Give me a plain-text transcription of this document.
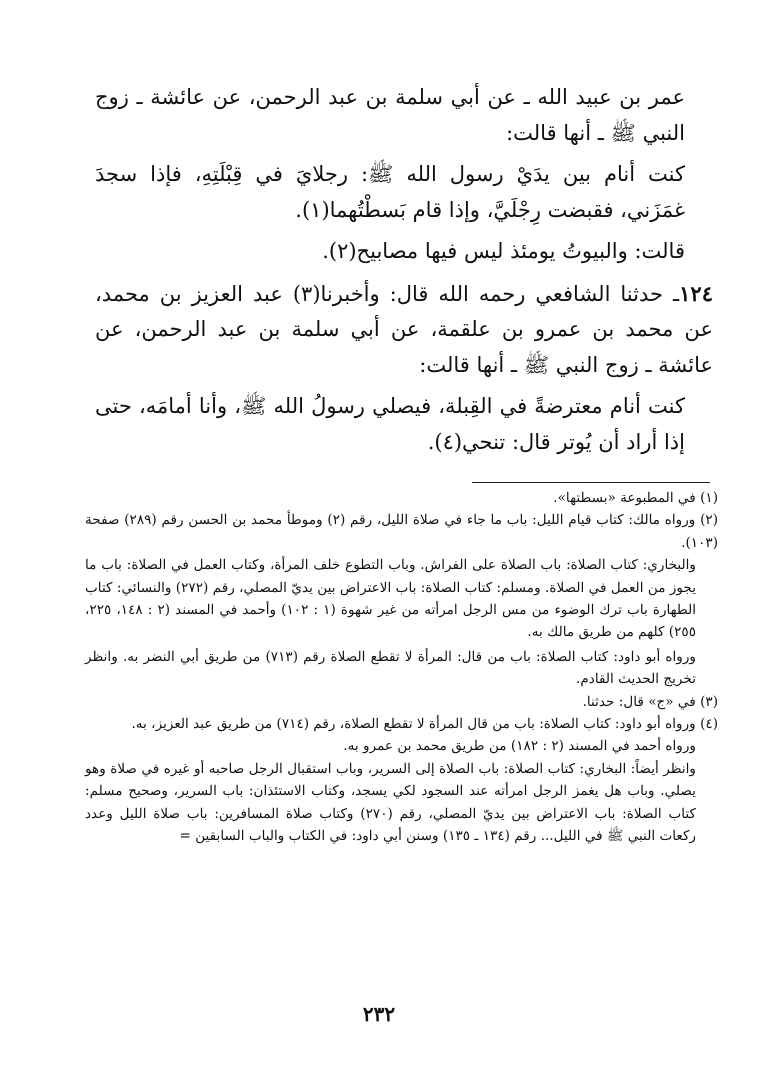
عمر بن عبيد الله ـ عن أبي سلمة بن عبد الرحمن، عن عائشة ـ زوج النبي ﷺ ـ أنها قالت:

كنت أنام بين يدَيْ رسول الله ﷺ: رجلايَ في قِبْلَتِهِ، فإذا سجدَ غمَزَني، فقبضت رِجْلَيَّ، وإذا قام بَسطْتُهما(١).

قالت: والبيوتُ يومئذ ليس فيها مصابيح(٢).

١٢٤ـ حدثنا الشافعي رحمه الله قال: وأخبرنا(٣) عبد العزيز بن محمد، عن محمد بن عمرو بن علقمة، عن أبي سلمة بن عبد الرحمن، عن عائشة ـ زوج النبي ﷺ ـ أنها قالت:

كنت أنام معترضةً في القِبلة، فيصلي رسولُ الله ﷺ، وأنا أمامَه، حتى إذا أراد أن يُوتر قال: تنحي(٤).

(١) في المطبوعة «بسطتها».

(٢) ورواه مالك: كتاب قيام الليل: باب ما جاء في صلاة الليل، رقم (٢) وموطأ محمد بن الحسن رقم (٢٨٩) صفحة (١٠٣).

والبخاري: كتاب الصلاة: باب الصلاة على الفراش. وباب التطوع خلف المرأة، وكتاب العمل في الصلاة: باب ما يجوز من العمل في الصلاة. ومسلم: كتاب الصلاة: باب الاعتراض بين يديّ المصلي، رقم (٢٧٢) والنسائي: كتاب الطهارة باب ترك الوضوء من مس الرجل امرأته من غير شهوة (١ : ١٠٢) وأحمد في المسند (٢ : ١٤٨، ٢٢٥، ٢٥٥) كلهم من طريق مالك به.

ورواه أبو داود: كتاب الصلاة: باب من قال: المرأة لا تقطع الصلاة رقم (٧١٣) من طريق أبي النضر به. وانظر تخريج الحديث القادم.

(٣) في «ج» قال: حدثنا.

(٤) ورواه أبو داود: كتاب الصلاة: باب من قال المرأة لا تقطع الصلاة، رقم (٧١٤) من طريق عبد العزيز، به.

ورواه أحمد في المسند (٢ : ١٨٢) من طريق محمد بن عمرو به.

وانظر أيضاً: البخاري: كتاب الصلاة: باب الصلاة إلى السرير، وباب استقبال الرجل صاحبه أو غيره في صلاة وهو يصلي. وباب هل يغمز الرجل امرأته عند السجود لكي يسجد، وكتاب الاستئذان: باب السرير، وصحيح مسلم: كتاب الصلاة: باب الاعتراض بين يديّ المصلي، رقم (٢٧٠) وكتاب صلاة المسافرين: باب صلاة الليل وعدد ركعات النبي ﷺ في الليل... رقم (١٣٤ ـ ١٣٥) وسنن أبي داود: في الكتاب والباب السابقين =

٢٣٢
